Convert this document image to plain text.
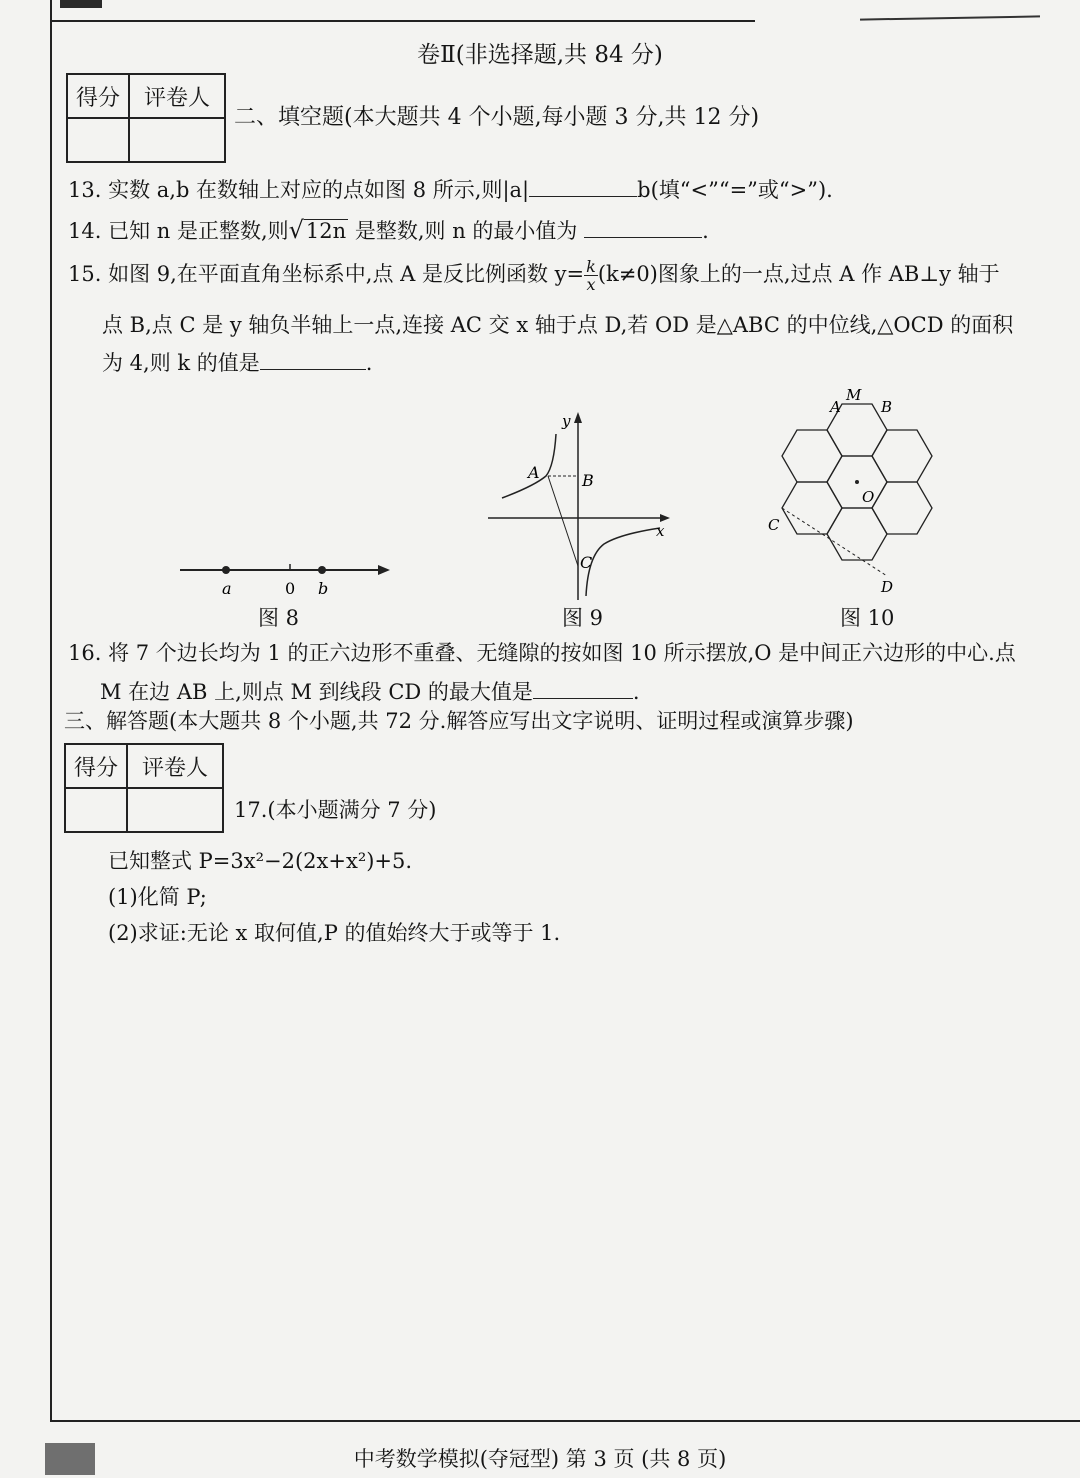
卷Ⅱ(非选择题,共 84 分)
得分	评卷人

二、填空题(本大题共 4 个小题,每小题 3 分,共 12 分)
13. 实数 a,b 在数轴上对应的点如图 8 所示,则|a|	b(填“<”“=”或“>”).
14. 已知 n 是正整数,则√12n 是整数,则 n 的最小值为	.
15. 如图 9,在平面直角坐标系中,点 A 是反比例函数 $y= \frac{k}{x} (k\ne 0)$图象上的一点,过点 A 作 AB⊥y 轴于
点 B,点 C 是 y 轴负半轴上一点,连接 AC 交 x 轴于点 D,若 OD 是△ABC 的中位线,△OCD 的面积
为 4,则 k 的值是	.
a	0 b
图 8
y
x
A	B
C
图 9
M
A	B
O
C
D
图 10
16. 将 7 个边长均为 1 的正六边形不重叠、无缝隙的按如图 10 所示摆放,O 是中间正六边形的中心.点
M 在边 AB 上,则点 M 到线段 CD 的最大值是	.
三、解答题(本大题共 8 个小题,共 72 分.解答应写出文字说明、证明过程或演算步骤)
得分	评卷人

17.(本小题满分 7 分)
已知整式 P=3x²−2(2x+x²)+5.
(1)化简 P;
(2)求证:无论 x 取何值,P 的值始终大于或等于 1.
中考数学模拟(夺冠型) 第 3 页 (共 8 页)
